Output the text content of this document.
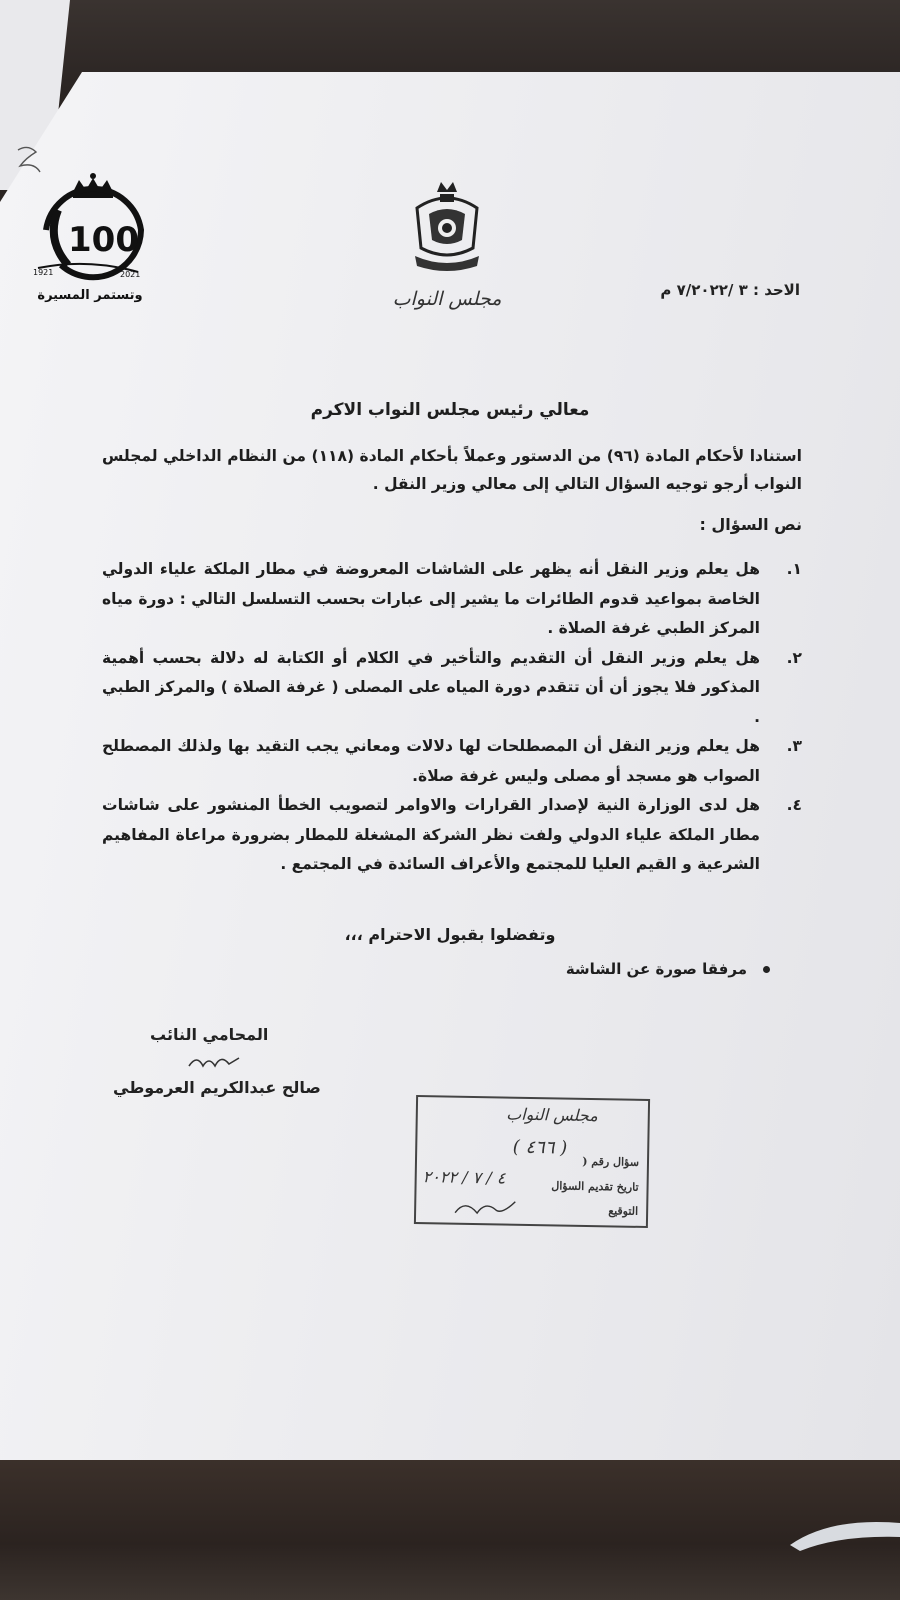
100
1921	2021
وتستمر المسيرة	مجلس النواب	الاحد : ٣ /٧/٢٠٢٢ م
معالي رئيس مجلس النواب الاكرم
استنادا لأحكام المادة (٩٦) من الدستور وعملاً بأحكام المادة (١١٨) من النظام الداخلي لمجلس النواب أرجو توجيه السؤال التالي إلى معالي وزير النقل .
نص السؤال :
١.
هل يعلم وزير النقل أنه يظهر على الشاشات المعروضة في مطار الملكة علياء الدولي الخاصة بمواعيد قدوم الطائرات ما يشير إلى عبارات بحسب التسلسل التالي : دورة مياه المركز الطبي غرفة الصلاة .
٢.
هل يعلم وزير النقل أن التقديم والتأخير في الكلام أو الكتابة له دلالة بحسب أهمية المذكور فلا يجوز أن أن تتقدم دورة المياه على المصلى ( غرفة الصلاة ) والمركز الطبي .
٣.
هل يعلم وزير النقل أن المصطلحات لها دلالات ومعاني يجب التقيد بها ولذلك المصطلح الصواب هو مسجد أو مصلى وليس غرفة صلاة.
٤.
هل لدى الوزارة النية لإصدار القرارات والاوامر لتصويب الخطأ المنشور على شاشات مطار الملكة علياء الدولي ولفت نظر الشركة المشغلة للمطار بضرورة مراعاة المفاهيم الشرعية و القيم العليا للمجتمع والأعراف السائدة في المجتمع .
وتفضلوا بقبول الاحترام ،،،
مرفقا صورة عن الشاشة
المحامي النائب
صالح عبدالكريم العرموطي
مجلس النواب
سؤال رقم (
( ٤٦٦ )
تاريخ تقديم السؤال
٤ / ٧ / ٢٠٢٢
التوقيع
